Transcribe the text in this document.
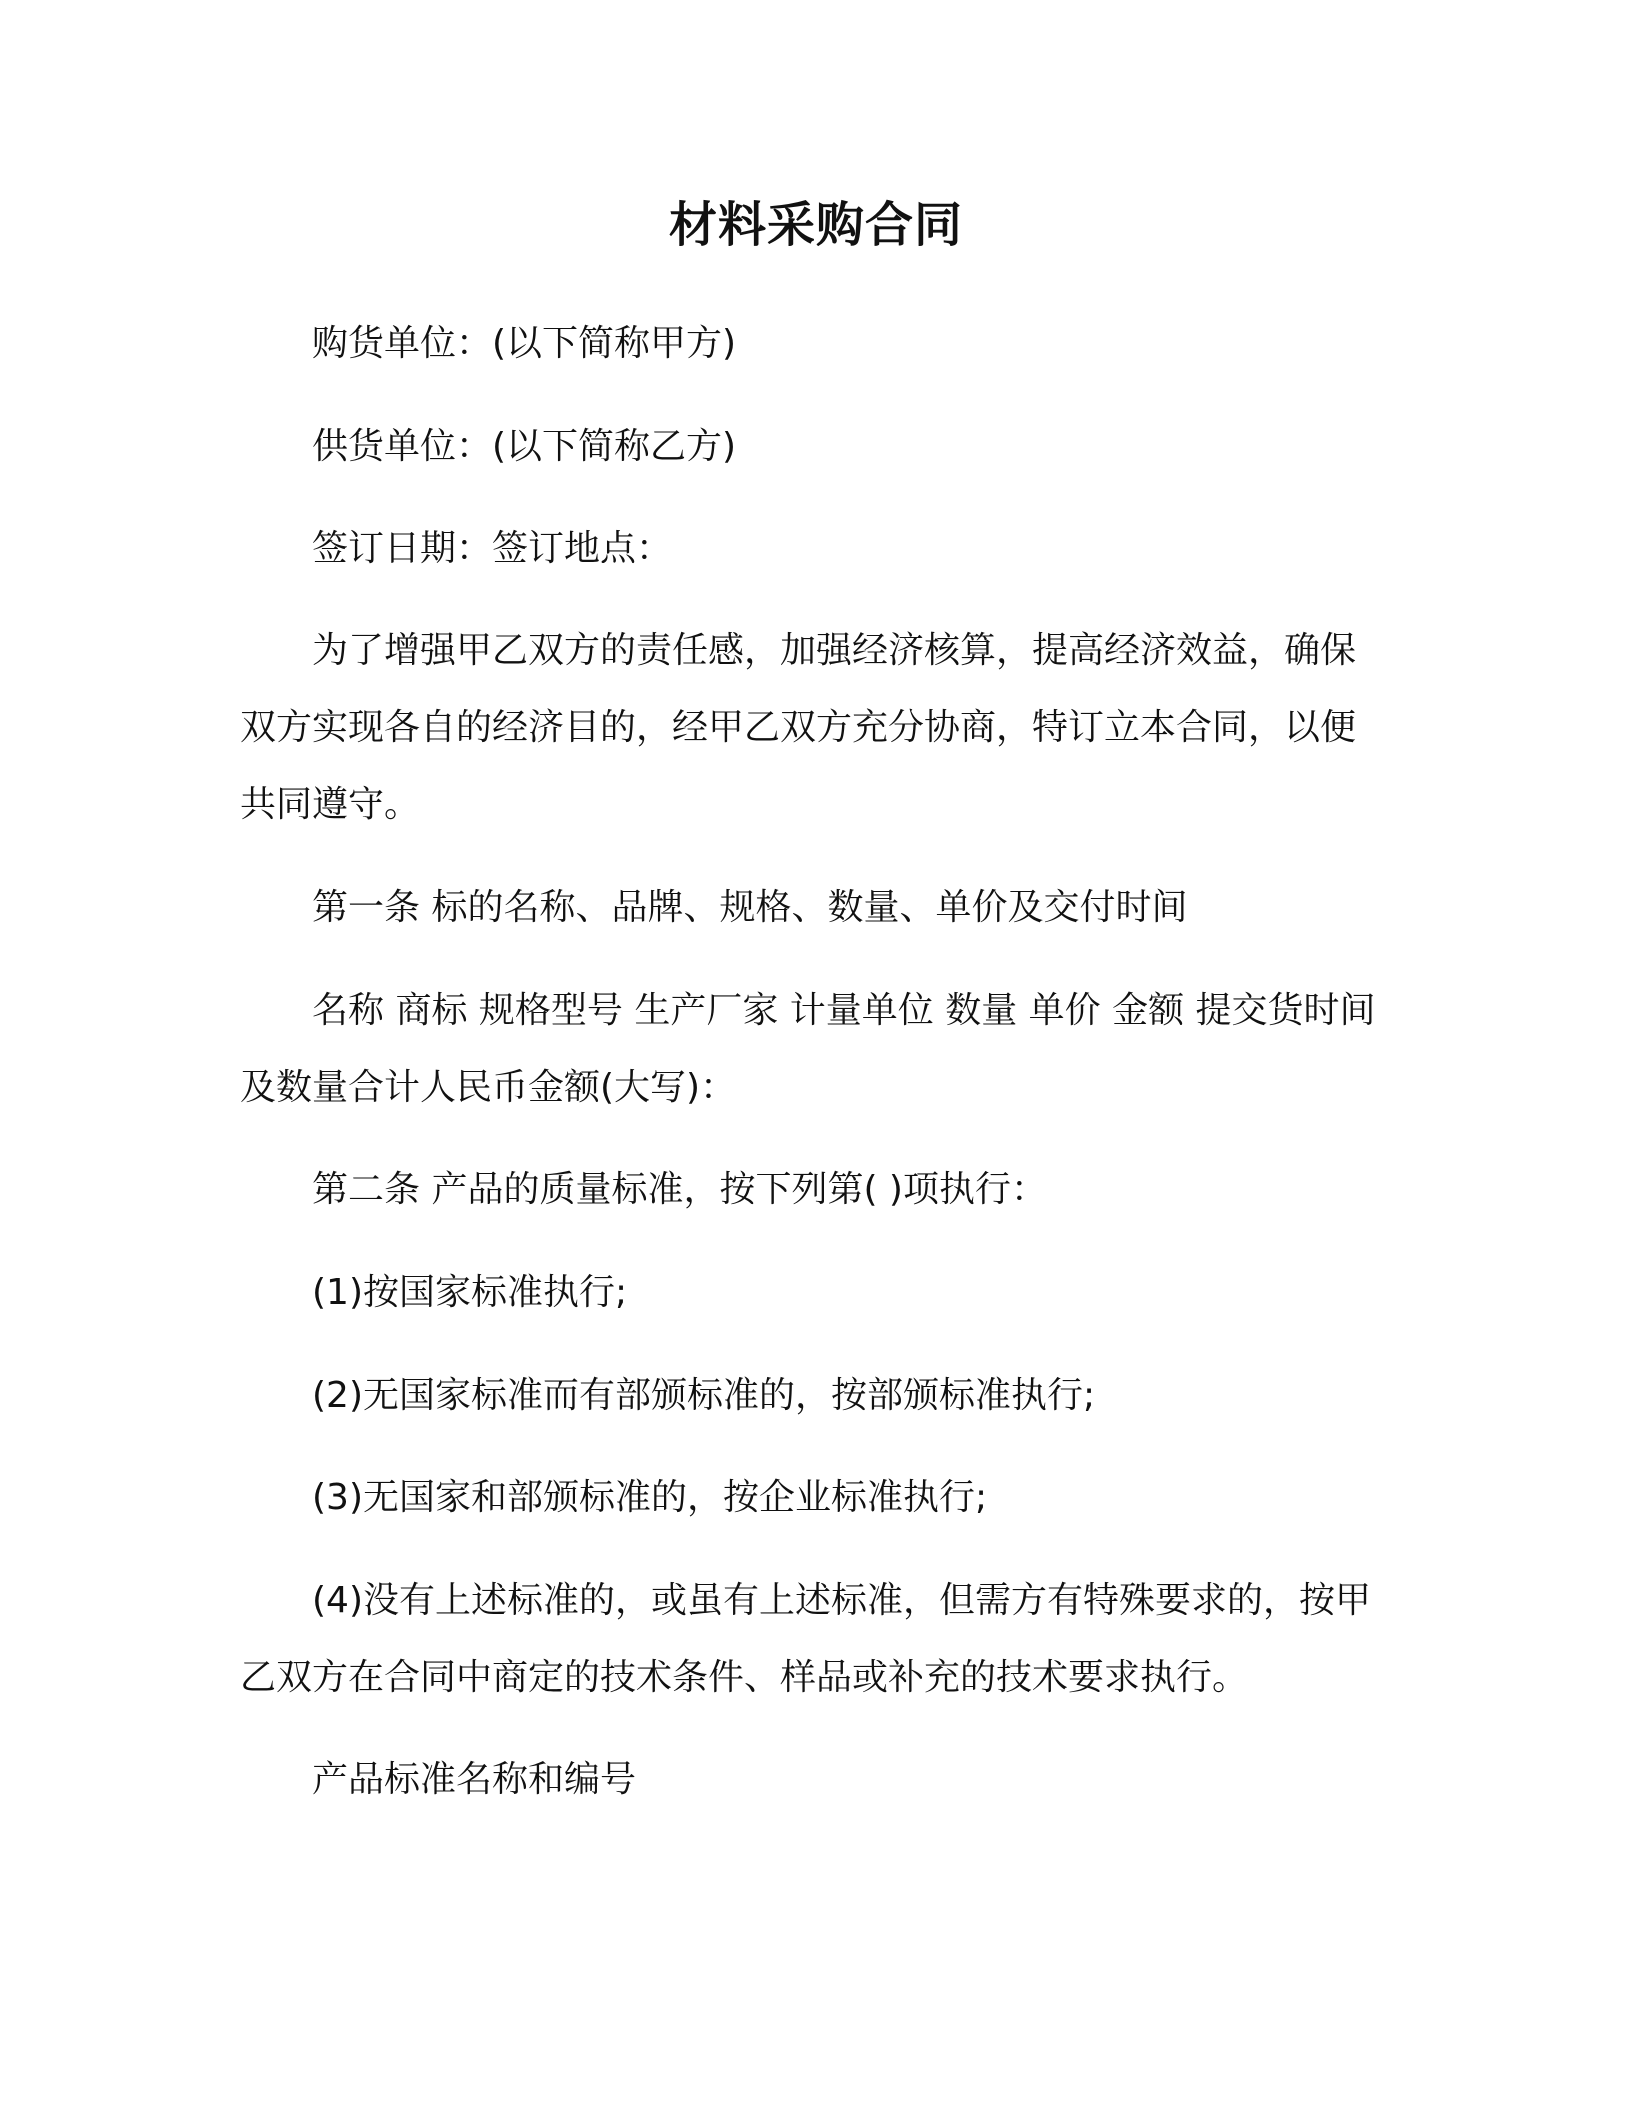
材料采购合同

购货单位：(以下简称甲方)

供货单位：(以下简称乙方)

签订日期：签订地点：

为了增强甲乙双方的责任感，加强经济核算，提高经济效益，确保双方实现各自的经济目的，经甲乙双方充分协商，特订立本合同，以便共同遵守。

第一条 标的名称、品牌、规格、数量、单价及交付时间

名称 商标 规格型号 生产厂家 计量单位 数量 单价 金额 提交货时间及数量合计人民币金额(大写)：

第二条 产品的质量标准，按下列第( )项执行：

(1)按国家标准执行;

(2)无国家标准而有部颁标准的，按部颁标准执行;

(3)无国家和部颁标准的，按企业标准执行;

(4)没有上述标准的，或虽有上述标准，但需方有特殊要求的，按甲乙双方在合同中商定的技术条件、样品或补充的技术要求执行。

产品标准名称和编号
